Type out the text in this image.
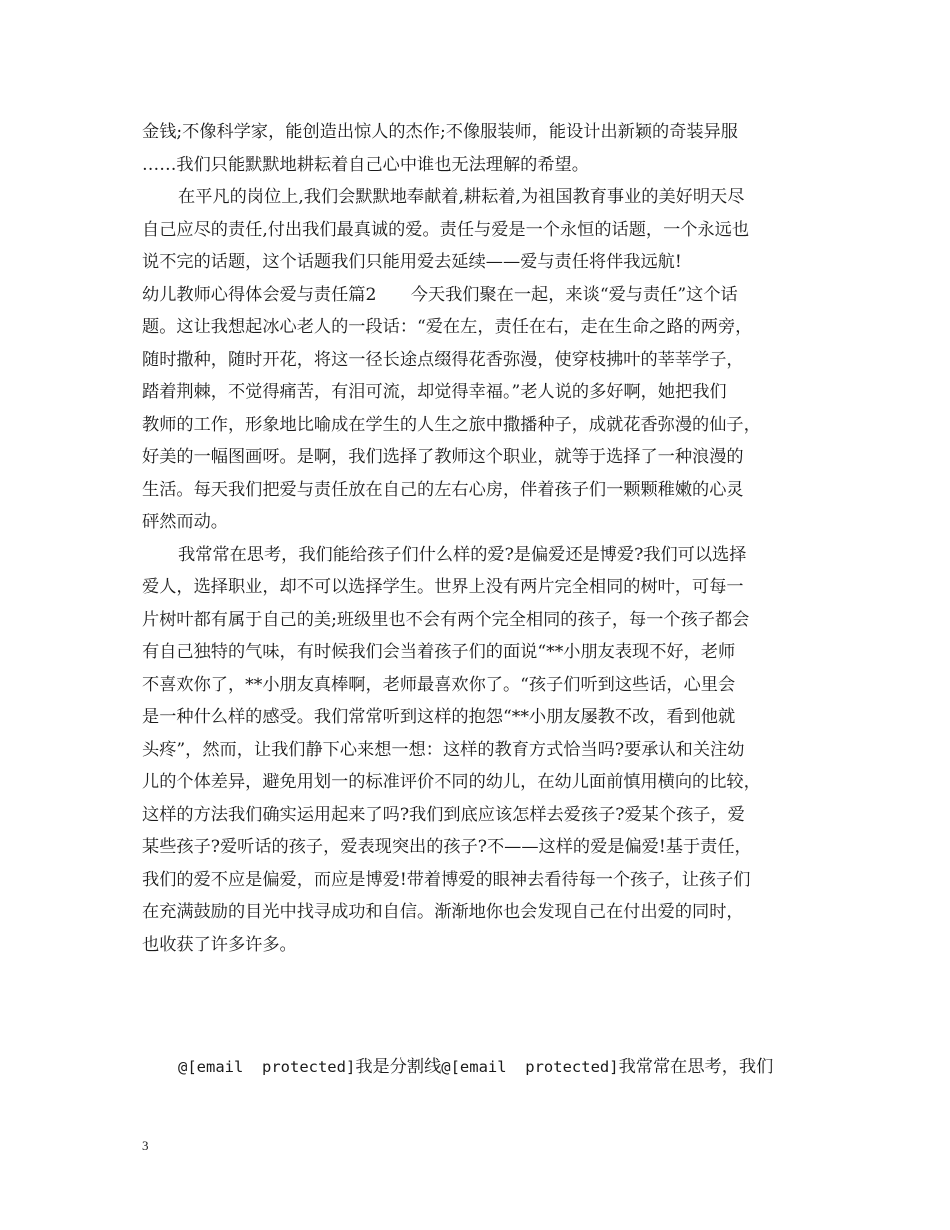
金钱;不像科学家，能创造出惊人的杰作;不像服装师，能设计出新颖的奇装异服
……我们只能默默地耕耘着自己心中谁也无法理解的希望。
在平凡的岗位上,我们会默默地奉献着,耕耘着,为祖国教育事业的美好明天尽
自己应尽的责任,付出我们最真诚的爱。责任与爱是一个永恒的话题，一个永远也
说不完的话题，这个话题我们只能用爱去延续——爱与责任将伴我远航!
幼儿教师心得体会爱与责任篇2　　今天我们聚在一起，来谈“爱与责任”这个话
题。这让我想起冰心老人的一段话：“爱在左，责任在右，走在生命之路的两旁，
随时撒种，随时开花，将这一径长途点缀得花香弥漫，使穿枝拂叶的莘莘学子，
踏着荆棘，不觉得痛苦，有泪可流，却觉得幸福。”老人说的多好啊，她把我们
教师的工作，形象地比喻成在学生的人生之旅中撒播种子，成就花香弥漫的仙子，
好美的一幅图画呀。是啊，我们选择了教师这个职业，就等于选择了一种浪漫的
生活。每天我们把爱与责任放在自己的左右心房，伴着孩子们一颗颗稚嫩的心灵
砰然而动。
我常常在思考，我们能给孩子们什么样的爱?是偏爱还是博爱?我们可以选择
爱人，选择职业，却不可以选择学生。世界上没有两片完全相同的树叶，可每一
片树叶都有属于自己的美;班级里也不会有两个完全相同的孩子，每一个孩子都会
有自己独特的气味，有时候我们会当着孩子们的面说“**小朋友表现不好，老师
不喜欢你了，**小朋友真棒啊，老师最喜欢你了。“孩子们听到这些话，心里会
是一种什么样的感受。我们常常听到这样的抱怨“**小朋友屡教不改，看到他就
头疼”，然而，让我们静下心来想一想：这样的教育方式恰当吗?要承认和关注幼
儿的个体差异，避免用划一的标准评价不同的幼儿，在幼儿面前慎用横向的比较，
这样的方法我们确实运用起来了吗?我们到底应该怎样去爱孩子?爱某个孩子，爱
某些孩子?爱听话的孩子，爱表现突出的孩子?不——这样的爱是偏爱!基于责任，
我们的爱不应是偏爱，而应是博爱!带着博爱的眼神去看待每一个孩子，让孩子们
在充满鼓励的目光中找寻成功和自信。渐渐地你也会发现自己在付出爱的同时，
也收获了许多许多。
@[email  protected]我是分割线@[email  protected]我常常在思考，我们
3
